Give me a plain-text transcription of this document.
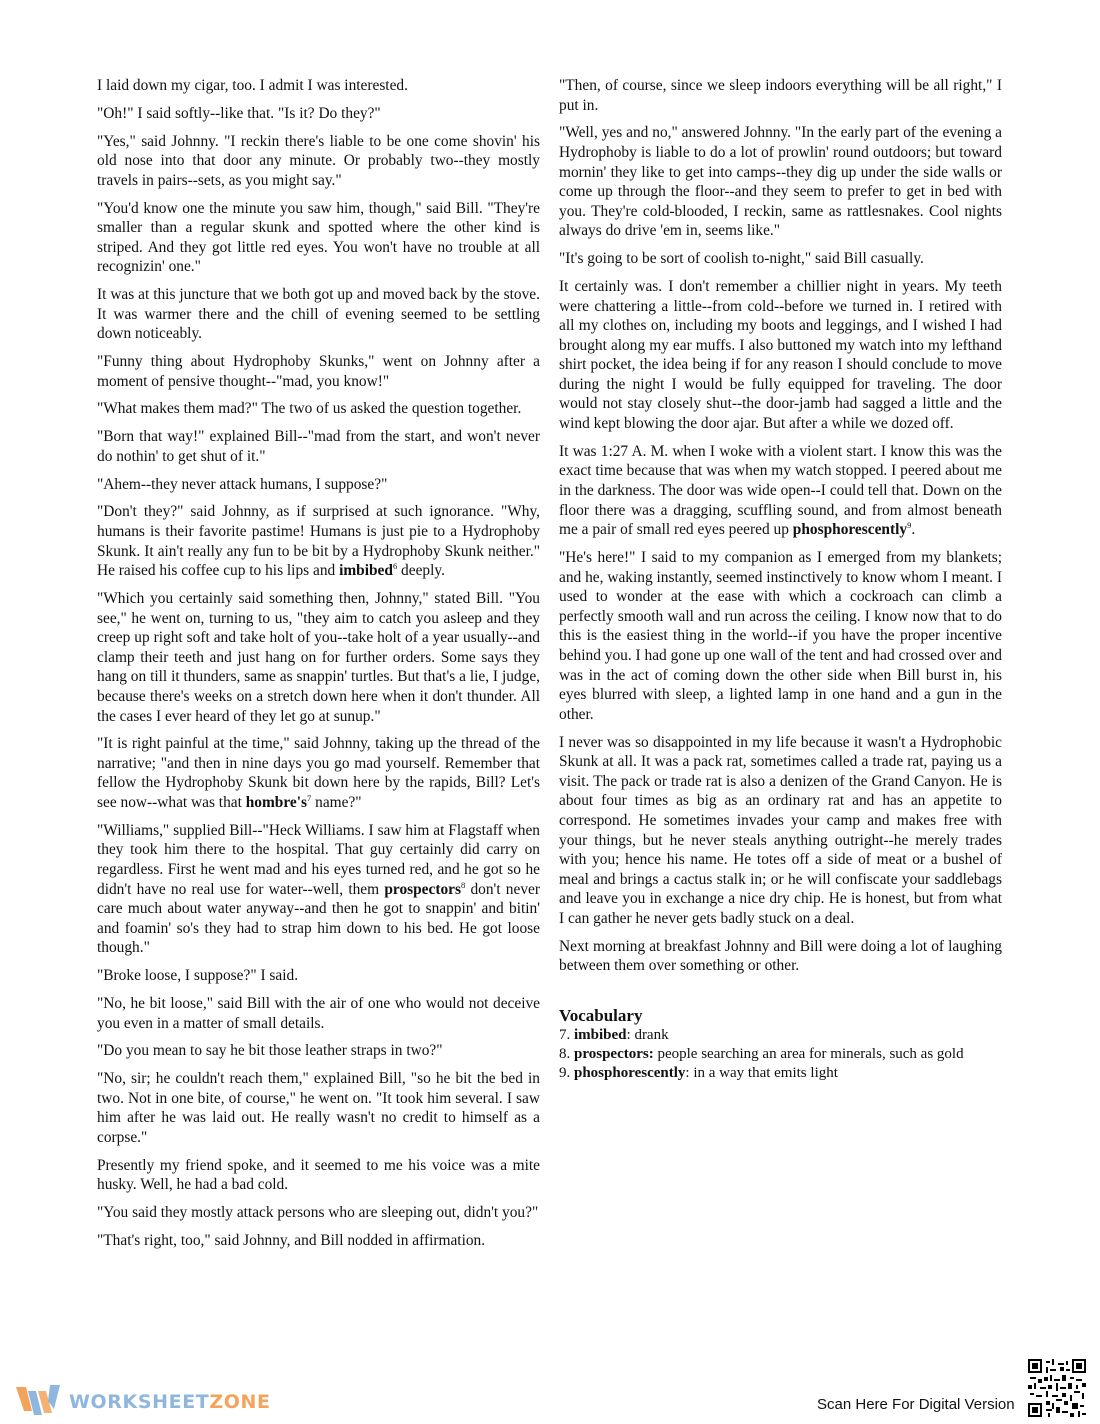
I laid down my cigar, too. I admit I was interested.

"Oh!" I said softly--like that. "Is it? Do they?"

"Yes," said Johnny. "I reckin there's liable to be one come shovin' his old nose into that door any minute. Or probably two--they mostly travels in pairs--sets, as you might say."

"You'd know one the minute you saw him, though," said Bill. "They're smaller than a regular skunk and spotted where the other kind is striped. And they got little red eyes. You won't have no trouble at all recognizin' one."

It was at this juncture that we both got up and moved back by the stove. It was warmer there and the chill of evening seemed to be settling down noticeably.

"Funny thing about Hydrophoby Skunks," went on Johnny after a moment of pensive thought--"mad, you know!"

"What makes them mad?" The two of us asked the question together.

"Born that way!" explained Bill--"mad from the start, and won't never do nothin' to get shut of it."

"Ahem--they never attack humans, I suppose?"

"Don't they?" said Johnny, as if surprised at such ignorance. "Why, humans is their favorite pastime! Humans is just pie to a Hydrophoby Skunk. It ain't really any fun to be bit by a Hydrophoby Skunk neither." He raised his coffee cup to his lips and imbibed$^6$ deeply.

"Which you certainly said something then, Johnny," stated Bill. "You see," he went on, turning to us, "they aim to catch you asleep and they creep up right soft and take holt of you--take holt of a year usually--and clamp their teeth and just hang on for further orders. Some says they hang on till it thunders, same as snappin' turtles. But that's a lie, I judge, because there's weeks on a stretch down here when it don't thunder. All the cases I ever heard of they let go at sunup."

"It is right painful at the time," said Johnny, taking up the thread of the narrative; "and then in nine days you go mad yourself. Remember that fellow the Hydrophoby Skunk bit down here by the rapids, Bill? Let's see now--what was that $hombre's^7$ name?"

"Williams," supplied Bill--"Heck Williams. I saw him at Flagstaff when they took him there to the hospital. That guy certainly did carry on regardless. First he went mad and his eyes turned red, and he got so he didn't have no real use for water--well, them prospectors$^8$ don't never care much about water anyway--and then he got to snappin' and bitin' and foamin' so's they had to strap him down to his bed. He got loose though."

"Broke loose, I suppose?" I said.

"No, he bit loose," said Bill with the air of one who would not deceive you even in a matter of small details.

"Do you mean to say he bit those leather straps in two?"

"No, sir; he couldn't reach them," explained Bill, "so he bit the bed in two. Not in one bite, of course," he went on. "It took him several. I saw him after he was laid out. He really wasn't no credit to himself as a corpse."

Presently my friend spoke, and it seemed to me his voice was a mite husky. Well, he had a bad cold.

"You said they mostly attack persons who are sleeping out, didn't you?"

"That's right, too," said Johnny, and Bill nodded in affirmation.

"Then, of course, since we sleep indoors everything will be all right," I put in.

"Well, yes and no," answered Johnny. "In the early part of the evening a Hydrophoby is liable to do a lot of prowlin' round outdoors; but toward mornin' they like to get into camps--they dig up under the side walls or come up through the floor--and they seem to prefer to get in bed with you. They're cold-blooded, I reckin, same as rattlesnakes. Cool nights always do drive 'em in, seems like."

"It's going to be sort of coolish to-night," said Bill casually.

It certainly was. I don't remember a chillier night in years. My teeth were chattering a little--from cold--before we turned in. I retired with all my clothes on, including my boots and leggings, and I wished I had brought along my ear muffs. I also buttoned my watch into my lefthand shirt pocket, the idea being if for any reason I should conclude to move during the night I would be fully equipped for traveling. The door would not stay closely shut--the door-jamb had sagged a little and the wind kept blowing the door ajar. But after a while we dozed off.

It was 1:27 A. M. when I woke with a violent start. I know this was the exact time because that was when my watch stopped. I peered about me in the darkness. The door was wide open--I could tell that. Down on the floor there was a dragging, scuffling sound, and from almost beneath me a pair of small red eyes peered up phosphorescently$^9$.

"He's here!" I said to my companion as I emerged from my blankets; and he, waking instantly, seemed instinctively to know whom I meant. I used to wonder at the ease with which a cockroach can climb a perfectly smooth wall and run across the ceiling. I know now that to do this is the easiest thing in the world--if you have the proper incentive behind you. I had gone up one wall of the tent and had crossed over and was in the act of coming down the other side when Bill burst in, his eyes blurred with sleep, a lighted lamp in one hand and a gun in the other.

I never was so disappointed in my life because it wasn't a Hydrophobic Skunk at all. It was a pack rat, sometimes called a trade rat, paying us a visit. The pack or trade rat is also a denizen of the Grand Canyon. He is about four times as big as an ordinary rat and has an appetite to correspond. He sometimes invades your camp and makes free with your things, but he never steals anything outright--he merely trades with you; hence his name. He totes off a side of meat or a bushel of meal and brings a cactus stalk in; or he will confiscate your saddlebags and leave you in exchange a nice dry chip. He is honest, but from what I can gather he never gets badly stuck on a deal.

Next morning at breakfast Johnny and Bill were doing a lot of laughing between them over something or other.

Vocabulary
7. imbibed: drank
8. prospectors: people searching an area for minerals, such as gold
9. phosphorescently: in a way that emits light
WORKSHEETZONE	Scan Here For Digital Version
